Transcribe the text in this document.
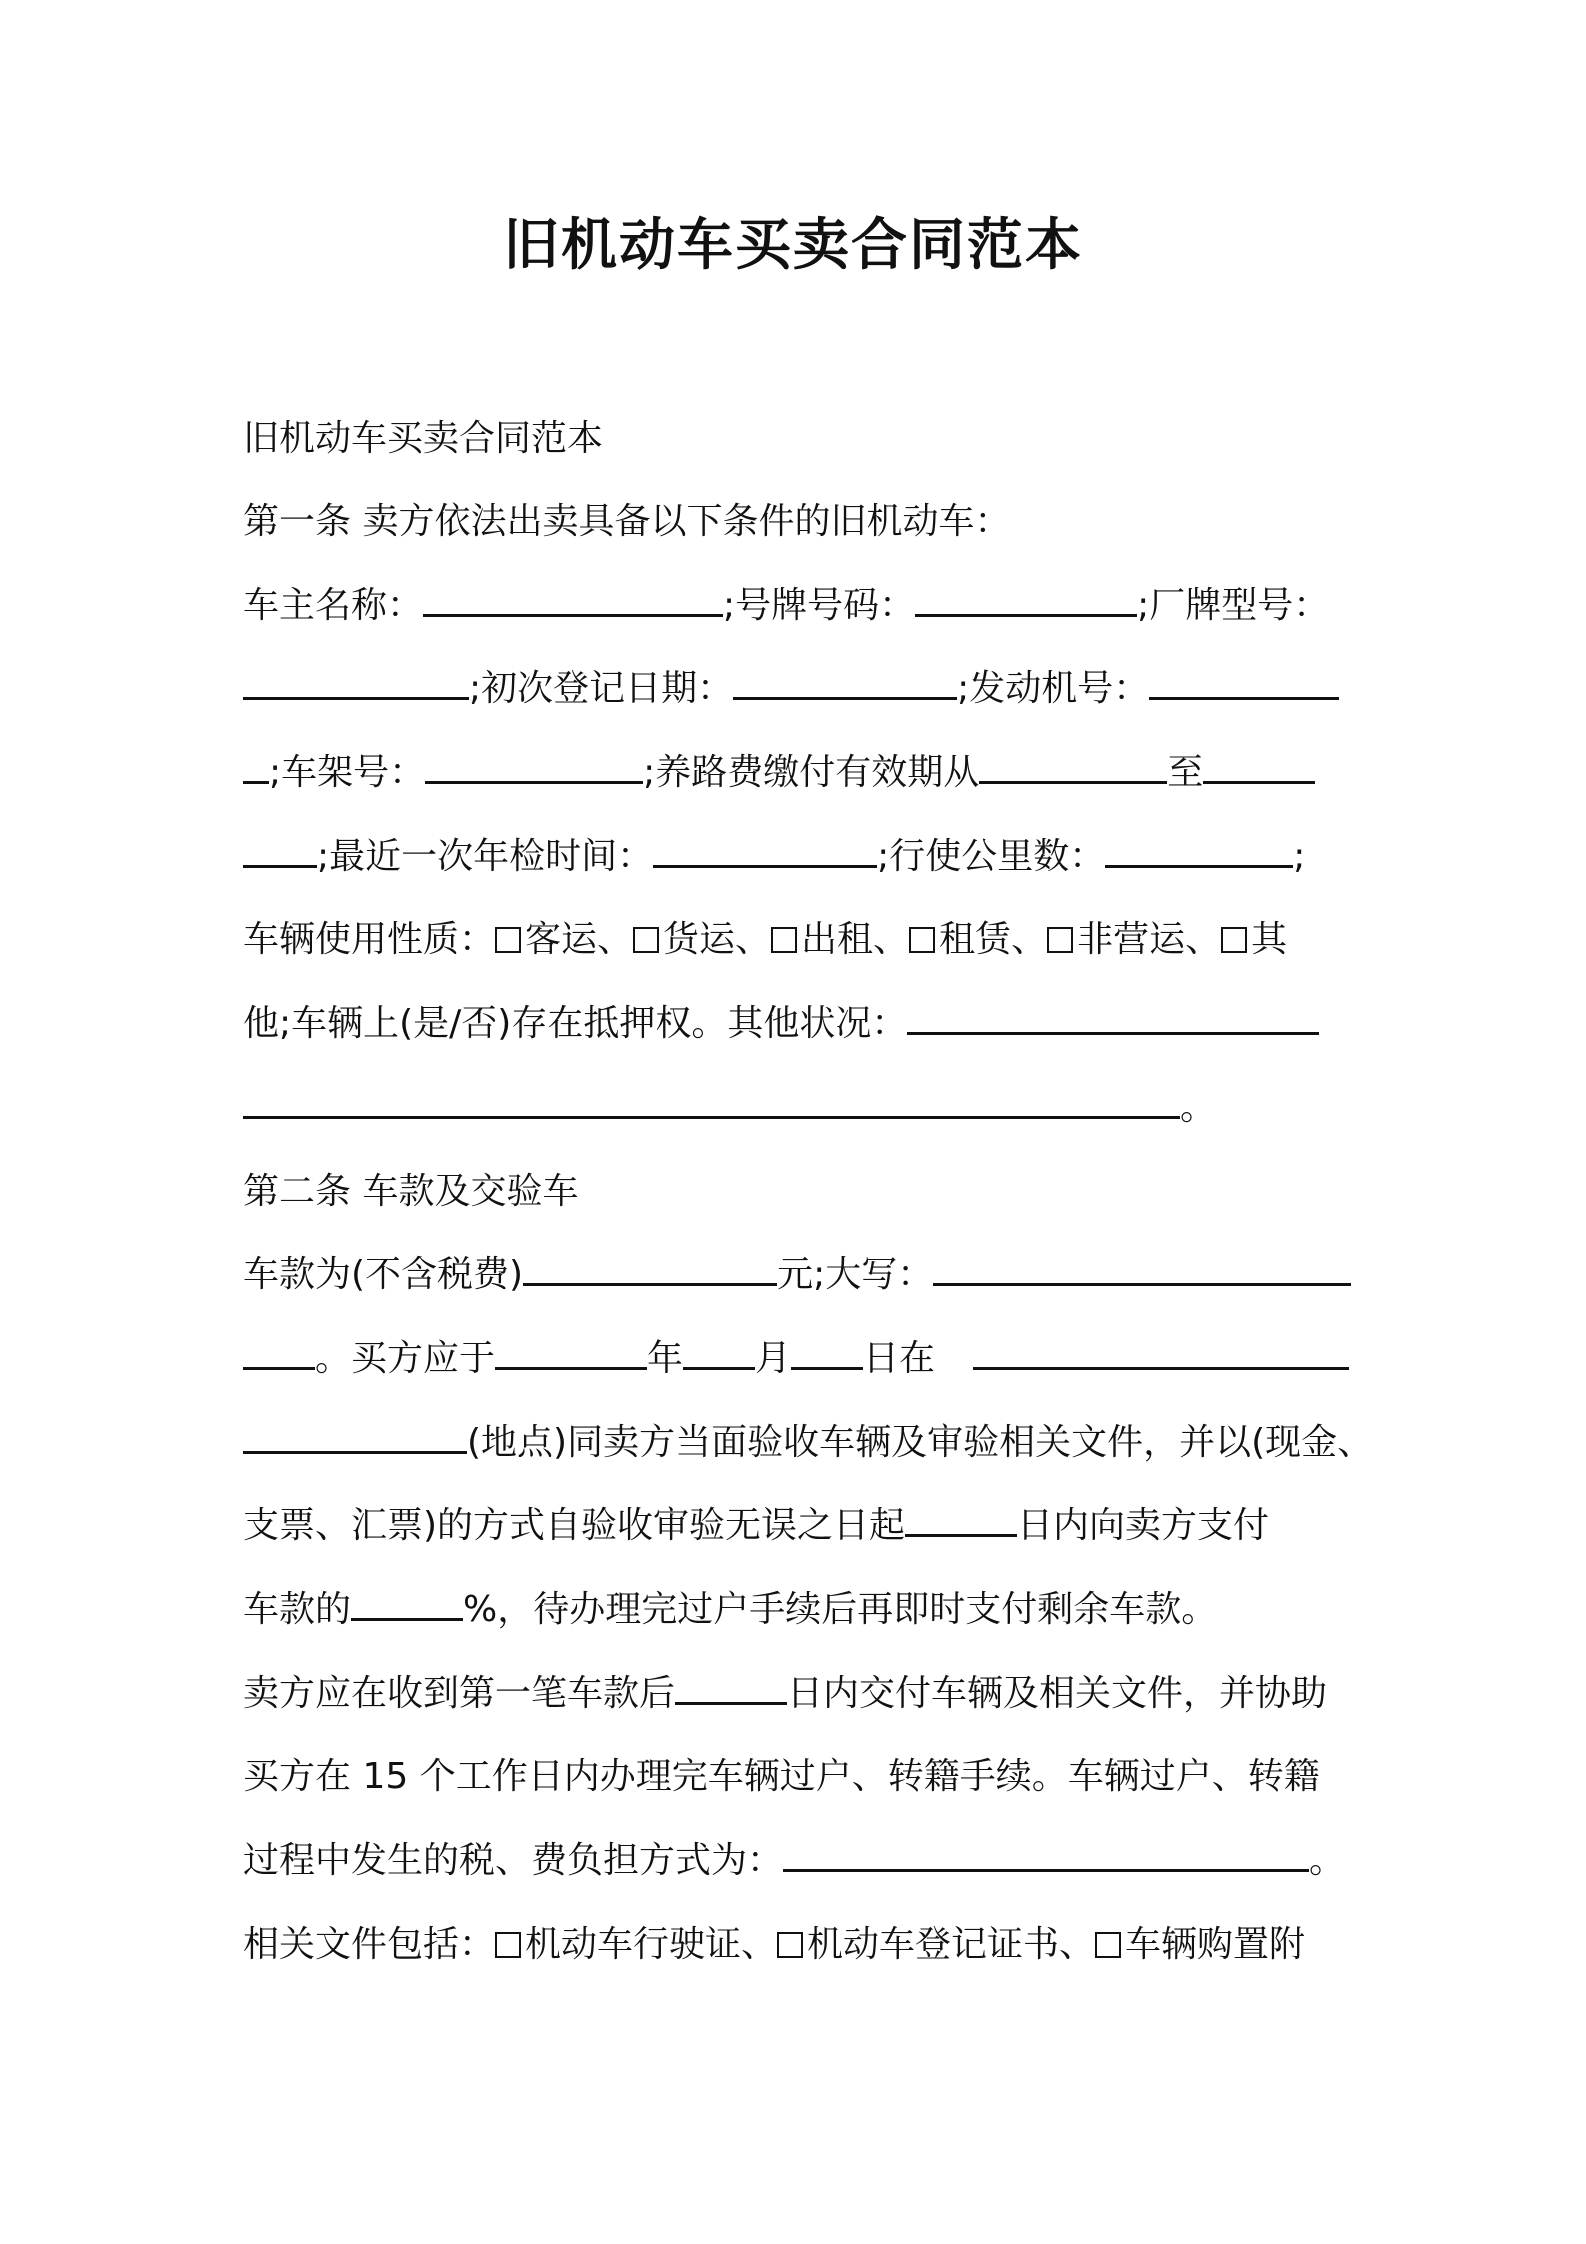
旧机动车买卖合同范本
旧机动车买卖合同范本
第一条 卖方依法出卖具备以下条件的旧机动车：
车主名称：	;号牌号码：	;厂牌型号：
;初次登记日期：	;发动机号：
;车架号：	;养路费缴付有效期从	至
;最近一次年检时间：	;行使公里数：	;
车辆使用性质： 客运、 货运、 出租、 租赁、 非营运、 其
他;车辆上(是/否)存在抵押权。其他状况：
。
第二条 车款及交验车
车款为(不含税费)	元;大写：
。买方应于	年 月 日在
(地点)同卖方当面验收车辆及审验相关文件，并以(现金、
支票、汇票)的方式自验收审验无误之日起	日内向卖方支付
车款的	%，待办理完过户手续后再即时支付剩余车款。
卖方应在收到第一笔车款后	日内交付车辆及相关文件，并协助
买方在 15 个工作日内办理完车辆过户、转籍手续。车辆过户、转籍
过程中发生的税、费负担方式为：	。
相关文件包括： 机动车行驶证、 机动车登记证书、 车辆购置附
